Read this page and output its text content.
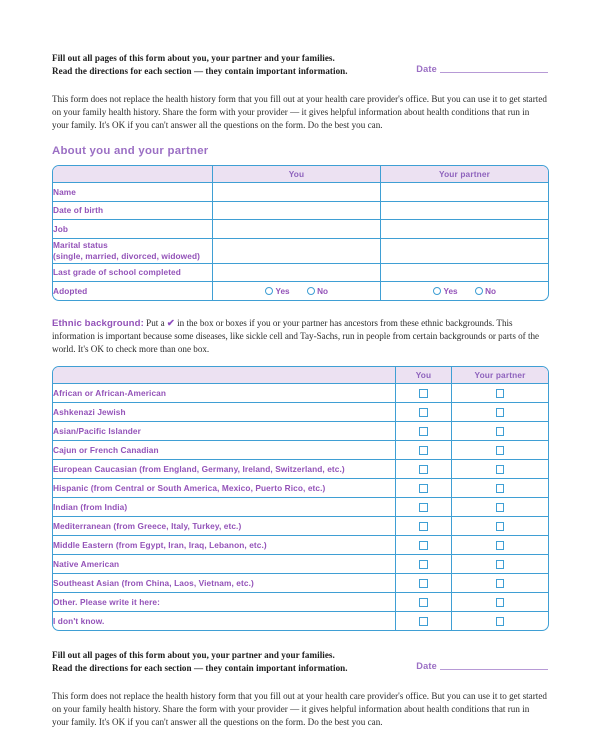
Fill out all pages of this form about you, your partner and your families.
Read the directions for each section — they contain important information.	Date
This form does not replace the health history form that you fill out at your health care provider's office. But you can use it to get started on your family health history. Share the form with your provider — it gives helpful information about health conditions that run in your family. It's OK if you can't answer all the questions on the form. Do the best you can.
About you and your partner
	You	Your partner
Name		
Date of birth		
Job		
Marital status
(single, married, divorced, widowed)		

Last grade of school completed		
Adopted	Yes No	Yes No
Ethnic background: Put a ✔ in the box or boxes if you or your partner has ancestors from these ethnic backgrounds. This information is important because some diseases, like sickle cell and Tay-Sachs, run in people from certain backgrounds or parts of the world. It's OK to check more than one box.
	You	Your partner
African or African-American		
Ashkenazi Jewish		
Asian/Pacific Islander		
Cajun or French Canadian		
European Caucasian (from England, Germany, Ireland, Switzerland, etc.)		
Hispanic (from Central or South America, Mexico, Puerto Rico, etc.)		
Indian (from India)		
Mediterranean (from Greece, Italy, Turkey, etc.)		
Middle Eastern (from Egypt, Iran, Iraq, Lebanon, etc.)		
Native American		
Southeast Asian (from China, Laos, Vietnam, etc.)		
Other. Please write it here:		
I don't know.		
Fill out all pages of this form about you, your partner and your families.
Read the directions for each section — they contain important information.	Date
This form does not replace the health history form that you fill out at your health care provider's office. But you can use it to get started on your family health history. Share the form with your provider — it gives helpful information about health conditions that run in your family. It's OK if you can't answer all the questions on the form. Do the best you can.
